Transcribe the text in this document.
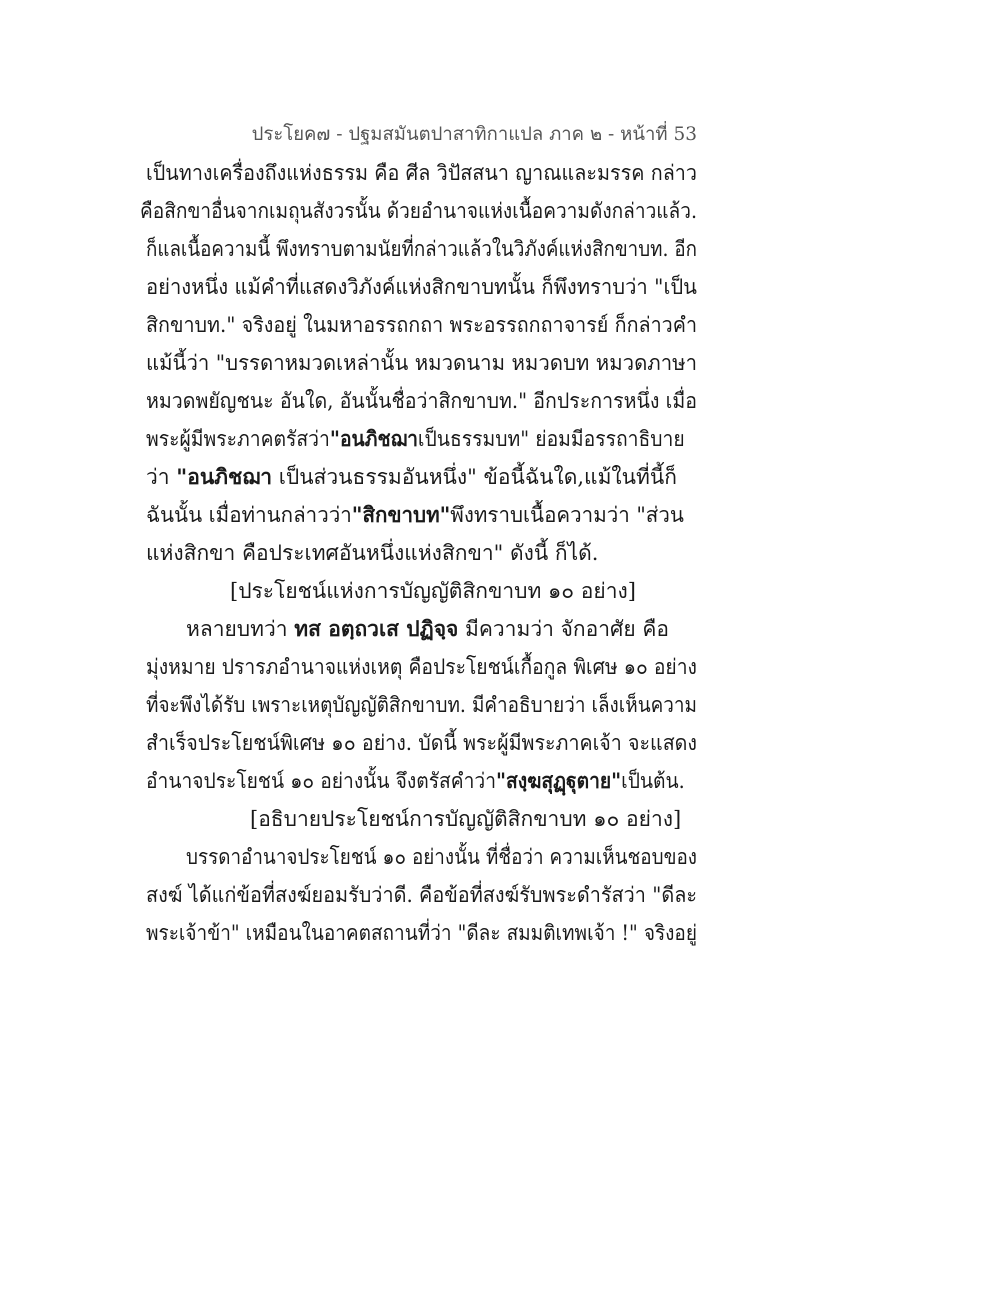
ประโยค๗ - ปฐมสมันตปาสาทิกาแปล ภาค ๒ - หน้าที่ 53
เป็นทางเครื่องถึงแห่งธรรม คือ ศีล วิปัสสนา ญาณและมรรค กล่าว
คือสิกขาอื่นจากเมถุนสังวรนั้น ด้วยอำนาจแห่งเนื้อความดังกล่าวแล้ว.
ก็แลเนื้อความนี้ พึงทราบตามนัยที่กล่าวแล้วในวิภังค์แห่งสิกขาบท. อีก
อย่างหนึ่ง แม้คำที่แสดงวิภังค์แห่งสิกขาบทนั้น ก็พึงทราบว่า "เป็น
สิกขาบท." จริงอยู่ ในมหาอรรถกถา พระอรรถกถาจารย์ ก็กล่าวคำ
แม้นี้ว่า "บรรดาหมวดเหล่านั้น หมวดนาม หมวดบท หมวดภาษา
หมวดพยัญชนะ อันใด, อันนั้นชื่อว่าสิกขาบท." อีกประการหนึ่ง เมื่อ
พระผู้มีพระภาคตรัสว่า"อนภิชฌาเป็นธรรมบท" ย่อมมีอรรถาธิบาย
ว่า "อนภิชฌา เป็นส่วนธรรมอันหนึ่ง" ข้อนี้ฉันใด,แม้ในที่นี้ก็
ฉันนั้น เมื่อท่านกล่าวว่า"สิกขาบท"พึงทราบเนื้อความว่า "ส่วน
แห่งสิกขา คือประเทศอันหนึ่งแห่งสิกขา" ดังนี้ ก็ได้.
[ประโยชน์แห่งการบัญญัติสิกขาบท ๑๐ อย่าง]
หลายบทว่า ทส อตฺถวเส ปฏิจฺจ มีความว่า จักอาศัย คือ
มุ่งหมาย ปรารภอำนาจแห่งเหตุ คือประโยชน์เกื้อกูล พิเศษ ๑๐ อย่าง
ที่จะพึงได้รับ เพราะเหตุบัญญัติสิกขาบท. มีคำอธิบายว่า เล็งเห็นความ
สำเร็จประโยชน์พิเศษ ๑๐ อย่าง. บัดนี้ พระผู้มีพระภาคเจ้า จะแสดง
อำนาจประโยชน์ ๑๐ อย่างนั้น จึงตรัสคำว่า"สงฺฆสุฏฺฐุตาย"เป็นต้น.
[อธิบายประโยชน์การบัญญัติสิกขาบท ๑๐ อย่าง]
บรรดาอำนาจประโยชน์ ๑๐ อย่างนั้น ที่ชื่อว่า ความเห็นชอบของ
สงฆ์ ได้แก่ข้อที่สงฆ์ยอมรับว่าดี. คือข้อที่สงฆ์รับพระดำรัสว่า "ดีละ
พระเจ้าข้า" เหมือนในอาคตสถานที่ว่า "ดีละ สมมติเทพเจ้า !" จริงอยู่
